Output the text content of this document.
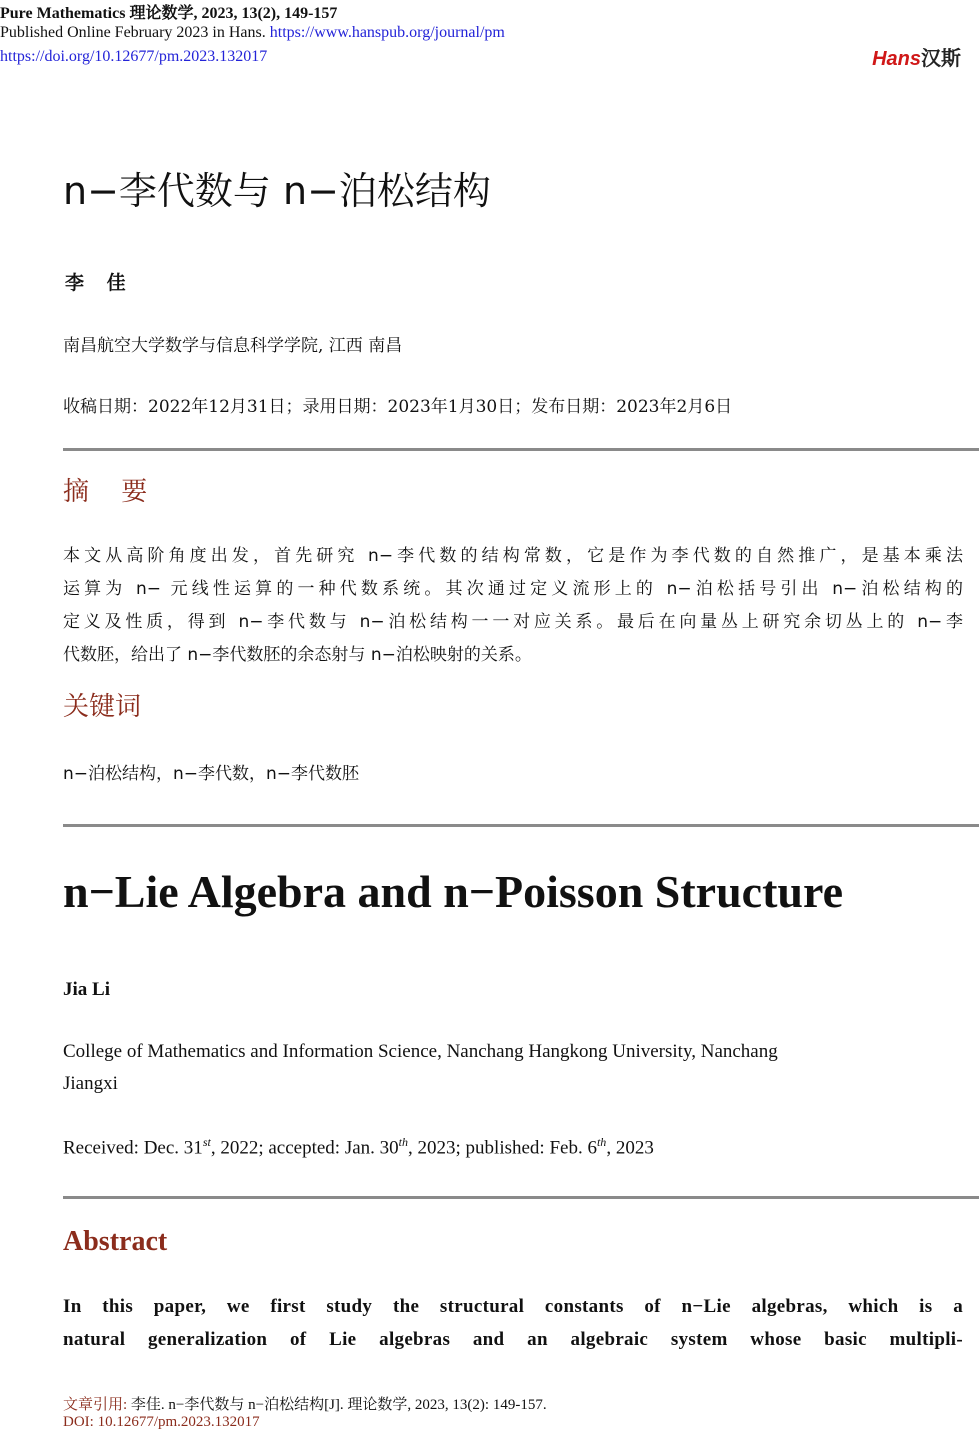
Pure Mathematics 理论数学, 2023, 13(2), 149-157
Published Online February 2023 in Hans. https://www.hanspub.org/journal/pm
https://doi.org/10.12677/pm.2023.132017	Hans汉斯
n−李代数与 n−泊松结构
李 佳
南昌航空大学数学与信息科学学院, 江西 南昌
收稿日期：2022年12月31日；录用日期：2023年1月30日；发布日期：2023年2月6日
摘 要
本文从高阶角度出发，首先研究 n−李代数的结构常数，它是作为李代数的自然推广，是基本乘法
运算为 n− 元线性运算的一种代数系统。其次通过定义流形上的 n−泊松括号引出 n−泊松结构的
定义及性质，得到 n−李代数与 n−泊松结构一一对应关系。最后在向量丛上研究余切丛上的 n−李
代数胚，给出了 n−李代数胚的余态射与 n−泊松映射的关系。
关键词
n−泊松结构，n−李代数，n−李代数胚
n−Lie Algebra and n−Poisson Structure
Jia Li
College of Mathematics and Information Science, Nanchang Hangkong University, Nanchang
Jiangxi
Received: Dec. 31st, 2022; accepted: Jan. 30th, 2023; published: Feb. 6th, 2023
Abstract
In this paper, we first study the structural constants of n−Lie algebras, which is a
natural generalization of Lie algebras and an algebraic system whose basic multipli-
文章引用: 李佳. n−李代数与 n−泊松结构[J]. 理论数学, 2023, 13(2): 149-157.
DOI: 10.12677/pm.2023.132017
